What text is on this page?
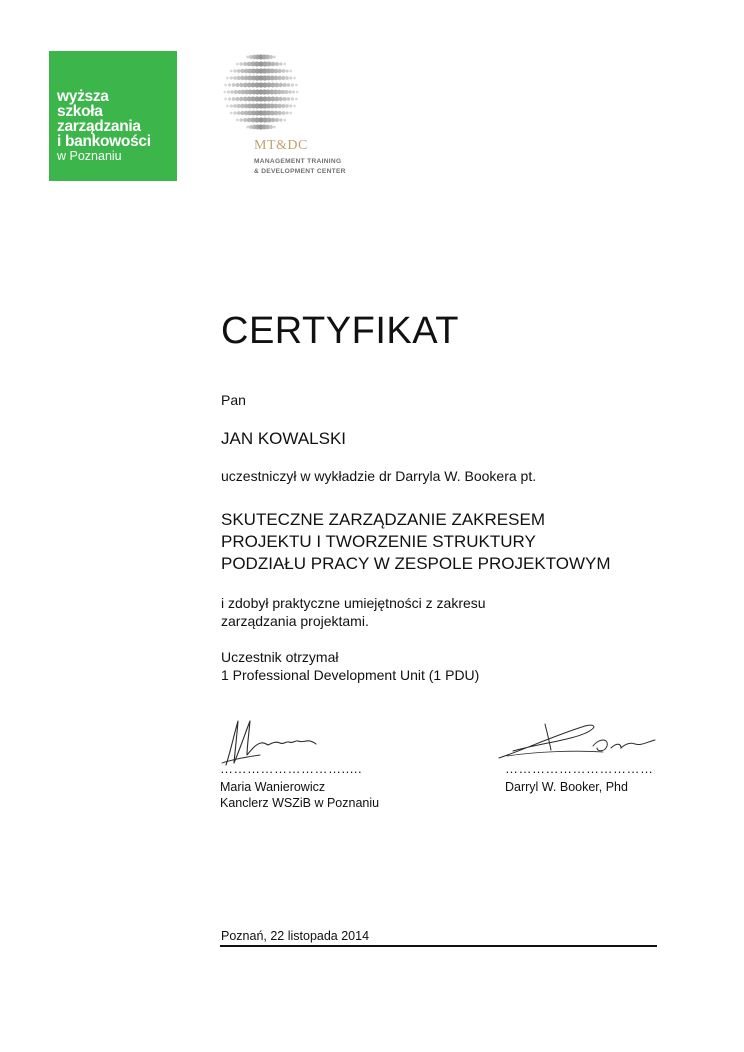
wyższa
szkoła
zarządzania
i bankowości
w Poznaniu
MT&DC
MANAGEMENT TRAINING
& DEVELOPMENT CENTER
CERTYFIKAT
Pan
JAN KOWALSKI
uczestniczył w wykładzie dr Darryla W. Bookera pt.
SKUTECZNE ZARZĄDZANIE ZAKRESEM
PROJEKTU I TWORZENIE STRUKTURY
PODZIAŁU PRACY W ZESPOLE PROJEKTOWYM
i zdobył praktyczne umiejętności z zakresu
zarządzania projektami.
Uczestnik otrzymał
1 Professional Development Unit (1 PDU)
……………………….....
Maria Wanierowicz
Kanclerz WSZiB w Poznaniu
……………………………
Darryl W. Booker, Phd
Poznań, 22 listopada 2014
